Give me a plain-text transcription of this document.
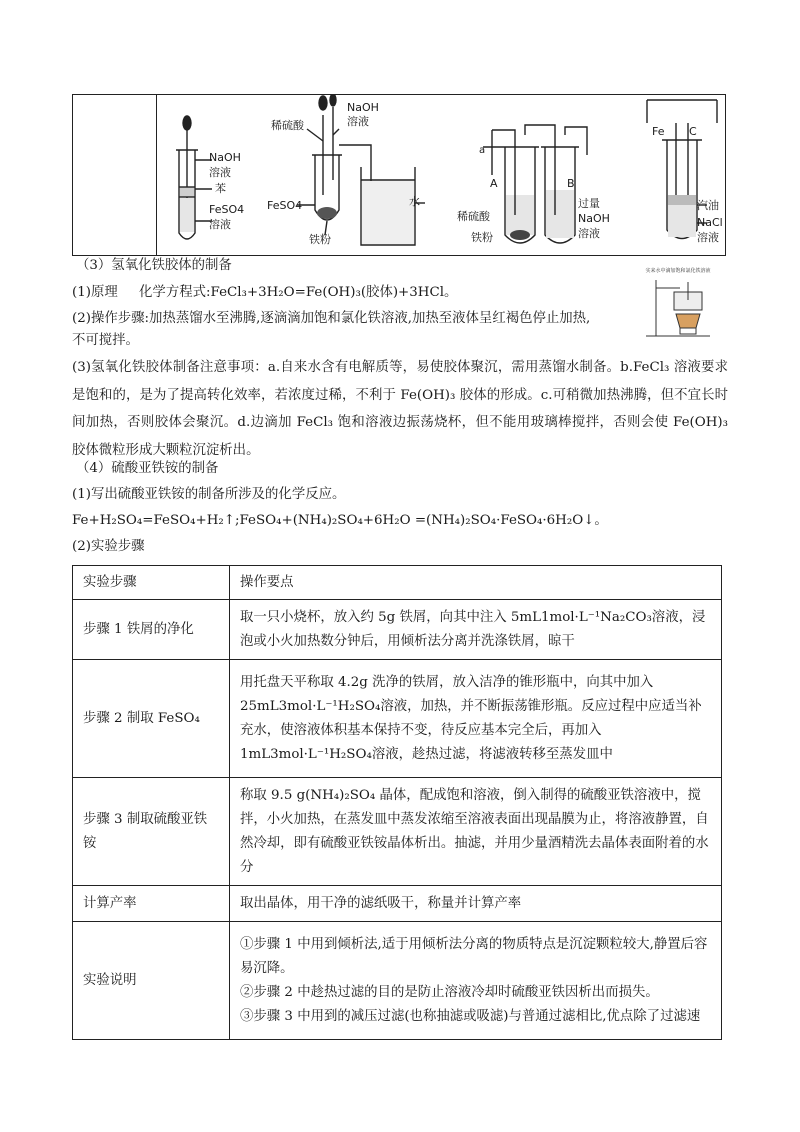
NaOH
溶液
苯
FeSO4
溶液
稀硫酸
NaOH
溶液
FeSO4	水
铁粉
a
A	B
稀硫酸
过量
NaOH
溶液
铁粉
Fe C
汽油
NaCl
溶液
（3）氢氧化铁胶体的制备
(1)原理 化学方程式:FeCl₃+3H₂O=Fe(OH)₃(胶体)+3HCl。
(2)操作步骤:加热蒸馏水至沸腾,逐滴滴加饱和氯化铁溶液,加热至液体呈红褐色停止加热,
不可搅拌。
实来水中滴加饱和氯化铁溶液
(3)氢氧化铁胶体制备注意事项：a.自来水含有电解质等，易使胶体聚沉，需用蒸馏水制备。b.FeCl₃ 溶液要求是饱和的，是为了提高转化效率，若浓度过稀，不利于 Fe(OH)₃ 胶体的形成。c.可稍微加热沸腾，但不宜长时间加热，否则胶体会聚沉。d.边滴加 FeCl₃ 饱和溶液边振荡烧杯，但不能用玻璃棒搅拌，否则会使 Fe(OH)₃ 胶体微粒形成大颗粒沉淀析出。
（4）硫酸亚铁铵的制备
(1)写出硫酸亚铁铵的制备所涉及的化学反应。
Fe+H₂SO₄=FeSO₄+H₂↑;FeSO₄+(NH₄)₂SO₄+6H₂O =(NH₄)₂SO₄·FeSO₄·6H₂O↓。
(2)实验步骤
实验步骤	操作要点
步骤 1 铁屑的净化	取一只小烧杯，放入约 5g 铁屑，向其中注入 5mL1mol·L⁻¹Na₂CO₃溶液，浸泡或小火加热数分钟后，用倾析法分离并洗涤铁屑，晾干
步骤 2 制取 FeSO₄	用托盘天平称取 4.2g 洗净的铁屑，放入洁净的锥形瓶中，向其中加入 25mL3mol·L⁻¹H₂SO₄溶液，加热，并不断振荡锥形瓶。反应过程中应适当补充水，使溶液体积基本保持不变，待反应基本完全后，再加入 1mL3mol·L⁻¹H₂SO₄溶液，趁热过滤，将滤液转移至蒸发皿中
步骤 3 制取硫酸亚铁铵	称取 9.5 g(NH₄)₂SO₄ 晶体，配成饱和溶液，倒入制得的硫酸亚铁溶液中，搅拌，小火加热，在蒸发皿中蒸发浓缩至溶液表面出现晶膜为止，将溶液静置，自然冷却，即有硫酸亚铁铵晶体析出。抽滤，并用少量酒精洗去晶体表面附着的水分
计算产率	取出晶体，用干净的滤纸吸干，称量并计算产率
实验说明	①步骤 1 中用到倾析法,适于用倾析法分离的物质特点是沉淀颗粒较大,静置后容易沉降。
②步骤 2 中趁热过滤的目的是防止溶液冷却时硫酸亚铁因析出而损失。
③步骤 3 中用到的减压过滤(也称抽滤或吸滤)与普通过滤相比,优点除了过滤速
